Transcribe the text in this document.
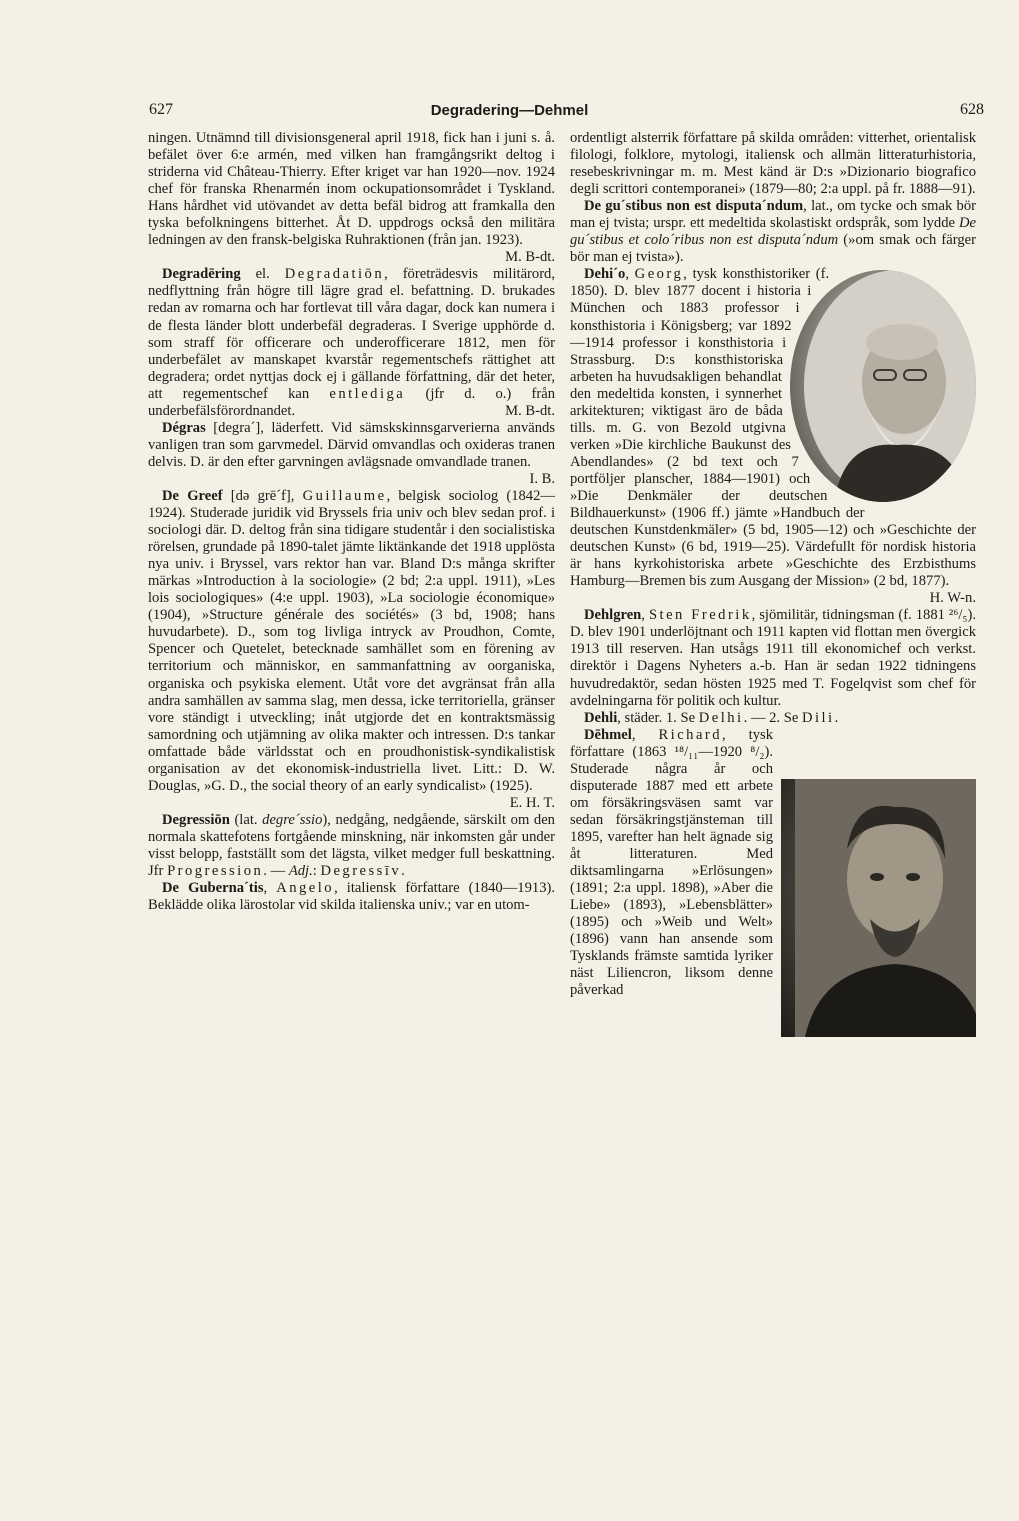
627	Degradering—Dehmel	628

ningen. Utnämnd till divisionsgeneral april 1918, fick han i juni s. å. befälet över 6:e armén, med vilken han framgångsrikt deltog i striderna vid Château-Thierry. Efter kriget var han 1920—nov. 1924 chef för franska Rhenarmén inom ockupationsområdet i Tyskland. Hans hårdhet vid utövandet av detta befäl bidrog att framkalla den tyska befolkningens bitterhet. Åt D. uppdrogs också den militära ledningen av den fransk-belgiska Ruhraktionen (från jan. 1923).
M. B-dt.

Degradēring el. Degradatiōn, företrädesvis militärord, nedflyttning från högre till lägre grad el. befattning. D. brukades redan av romarna och har fortlevat till våra dagar, dock kan numera i de flesta länder blott underbefäl degraderas. I Sverige upphörde d. som straff för officerare och underofficerare 1812, men för underbefälet av manskapet kvarstår regementschefs rättighet att degradera; ordet nyttjas dock ej i gällande författning, där det heter, att regementschef kan entlediga (jfr d. o.) från underbefälsförordnandet.	M. B-dt.

Dégras [degra´], läderfett. Vid sämskskinnsgarverierna används vanligen tran som garvmedel. Därvid omvandlas och oxideras tranen delvis. D. är den efter garvningen avlägsnade omvandlade tranen.
I. B.

De Greef [də grē´f], Guillaume, belgisk sociolog (1842—1924). Studerade juridik vid Bryssels fria univ och blev sedan prof. i sociologi där. D. deltog från sina tidigare studentår i den socialistiska rörelsen, grundade på 1890-talet jämte liktänkande det 1918 upplösta nya univ. i Bryssel, vars rektor han var. Bland D:s många skrifter märkas »Introduction à la sociologie» (2 bd; 2:a uppl. 1911), »Les lois sociologiques» (4:e uppl. 1903), »La sociologie économique» (1904), »Structure générale des sociétés» (3 bd, 1908; hans huvudarbete). D., som tog livliga intryck av Proudhon, Comte, Spencer och Quetelet, betecknade samhället som en förening av territorium och människor, en sammanfattning av oorganiska, organiska och psykiska element. Utåt vore det avgränsat från alla andra samhällen av samma slag, men dessa, icke territoriella, gränser vore ständigt i utveckling; inåt utgjorde det en kontraktsmässig samordning och utjämning av olika makter och intressen. D:s tankar omfattade både världsstat och en proudhonistisk-syndikalistisk organisation av det ekonomisk-industriella livet. Litt.: D. W. Douglas, »G. D., the social theory of an early syndicalist» (1925).
E. H. T.

Degressiōn (lat. degre´ssio), nedgång, nedgående, särskilt om den normala skattefotens fortgående minskning, när inkomsten går under visst belopp, fastställt som det lägsta, vilket medger full beskattning. Jfr Progression. — Adj.: Degressīv.

De Guberna´tis, Angelo, italiensk författare (1840—1913). Beklädde olika lärostolar vid skilda italienska univ.; var en utom-

ordentligt alsterrik författare på skilda områden: vitterhet, orientalisk filologi, folklore, mytologi, italiensk och allmän litteraturhistoria, resebeskrivningar m. m. Mest känd är D:s »Dizionario biografico degli scrittori contemporanei» (1879—80; 2:a uppl. på fr. 1888—91).

De gu´stibus non est disputa´ndum, lat., om tycke och smak bör man ej tvista; urspr. ett medeltida skolastiskt ordspråk, som lydde De gu´stibus et colo´ribus non est disputa´ndum (»om smak och färger bör man ej tvista»).

Dehi´o, Georg, tysk konsthistoriker (f. 1850). D. blev 1877 docent i historia i München och 1883 professor i konsthistoria i Königsberg; var 1892—1914 professor i konsthistoria i Strassburg. D:s konsthistoriska arbeten ha huvudsakligen behandlat den medeltida konsten, i synnerhet arkitekturen; viktigast äro de båda tills. m. G. von Bezold utgivna verken »Die kirchliche Baukunst des Abendlandes» (2 bd text och 7 portföljer planscher, 1884—1901) och »Die Denkmäler der deutschen Bildhauerkunst» (1906 ff.) jämte »Handbuch der deutschen Kunstdenkmäler» (5 bd, 1905—12) och »Geschichte der deutschen Kunst» (6 bd, 1919—25). Värdefullt för nordisk historia är hans kyrkohistoriska arbete »Geschichte des Erzbisthums Hamburg—Bremen bis zum Ausgang der Mission» (2 bd, 1877).
H. W-n.

Dehlgren, Sten Fredrik, sjömilitär, tidningsman (f. 1881 ²⁶/₅). D. blev 1901 underlöjtnant och 1911 kapten vid flottan men övergick 1913 till reserven. Han utsågs 1911 till ekonomichef och verkst. direktör i Dagens Nyheters a.-b. Han är sedan 1922 tidningens huvudredaktör, sedan hösten 1925 med T. Fogelqvist som chef för avdelningarna för politik och kultur.

Dehli, städer. 1. Se Delhi. — 2. Se Dili.

Dēhmel, Richard, tysk författare (1863 ¹⁸/₁₁—1920 ⁸/₂). Studerade några år och disputerade 1887 med ett arbete om försäkringsväsen samt var sedan försäkringstjänsteman till 1895, varefter han helt ägnade sig åt litteraturen. Med diktsamlingarna »Erlösungen» (1891; 2:a uppl. 1898), »Aber die Liebe» (1893), »Lebensblätter» (1895) och »Weib und Welt» (1896) vann han ansende som Tysklands främste samtida lyriker näst Liliencron, liksom denne påverkad
